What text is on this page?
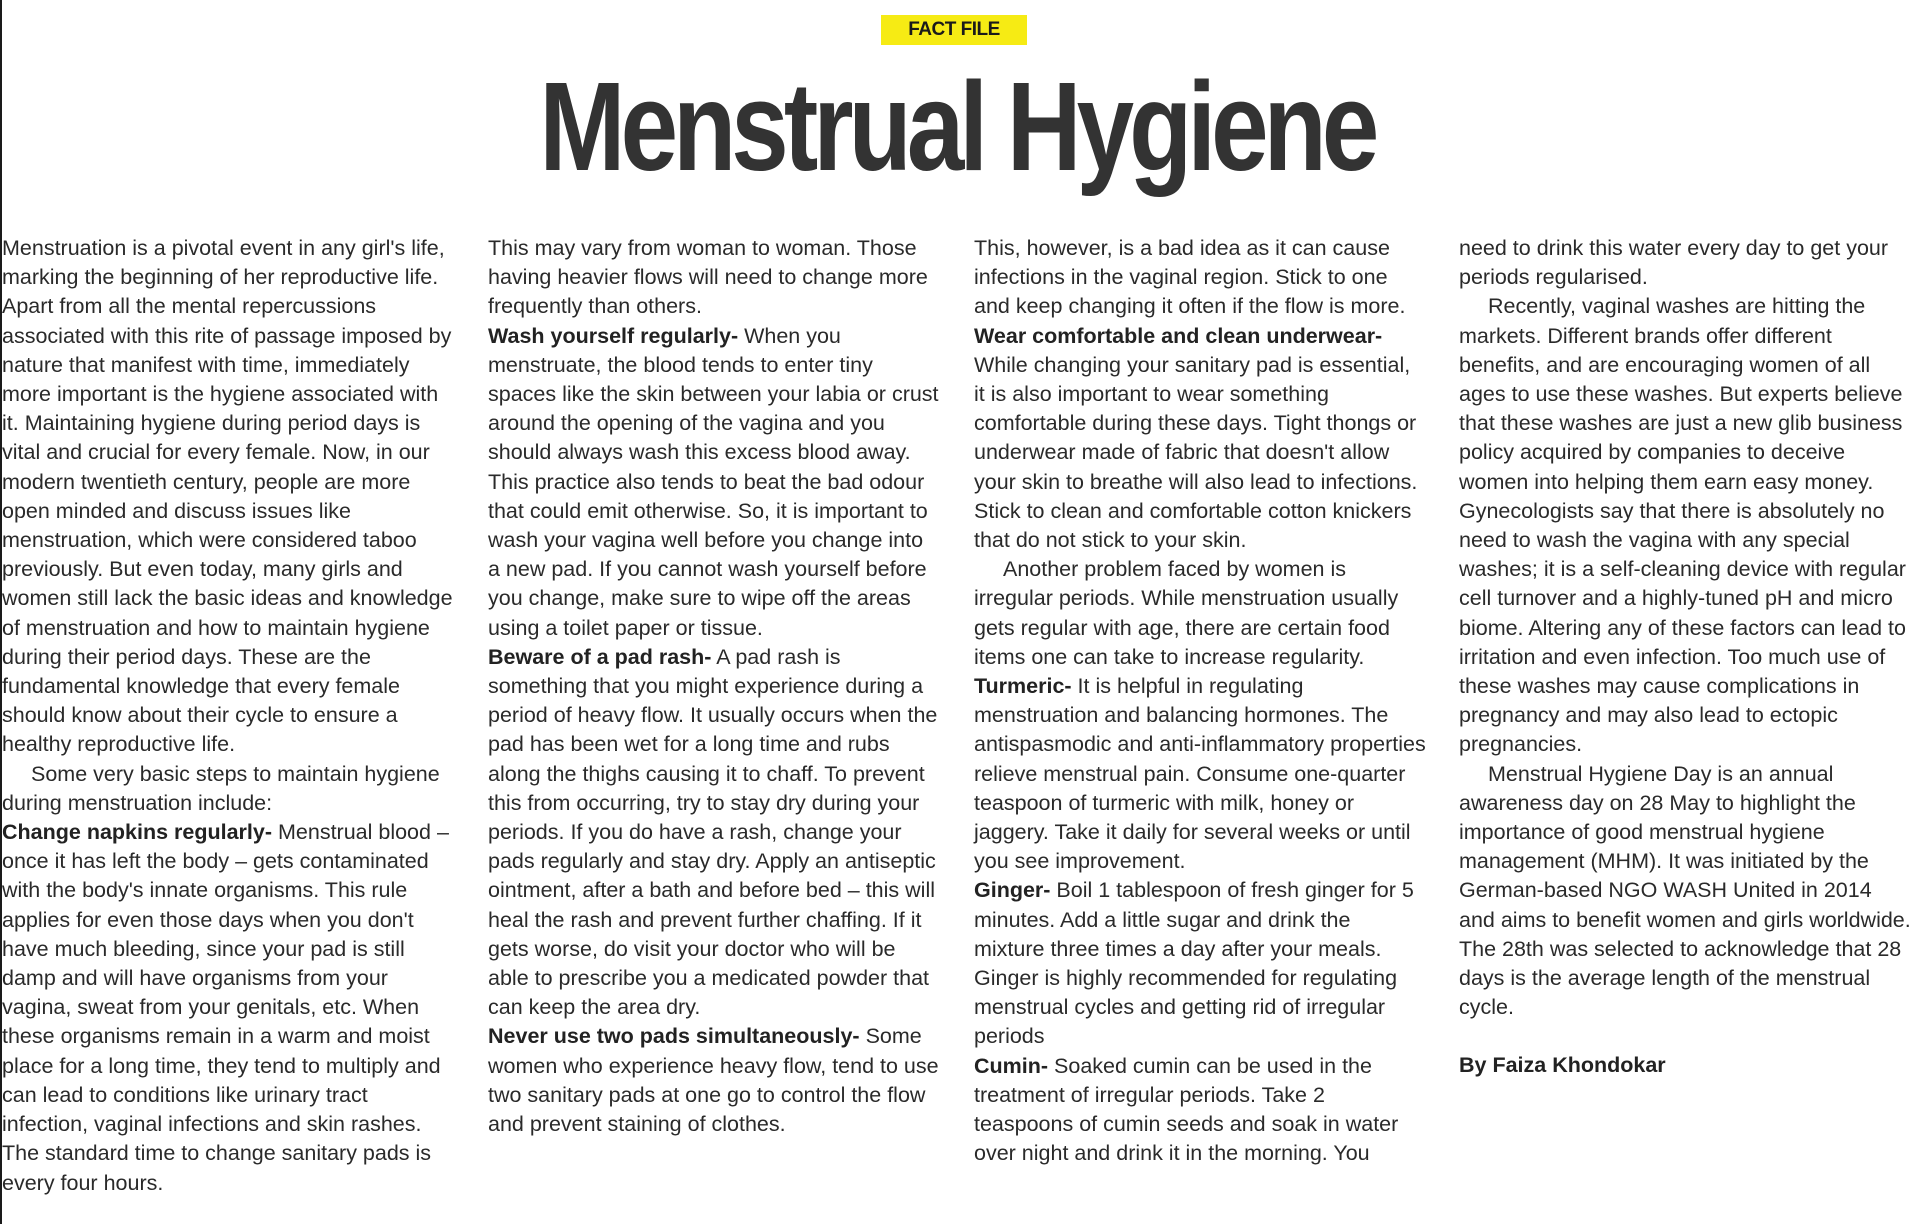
FACT FILE
Menstrual Hygiene

Menstruation is a pivotal event in any girl's life, marking the beginning of her reproductive life. Apart from all the mental repercussions associated with this rite of passage imposed by nature that manifest with time, immediately more important is the hygiene associated with it. Maintaining hygiene during period days is vital and crucial for every female. Now, in our modern twentieth century, people are more open minded and discuss issues like menstruation, which were considered taboo previously. But even today, many girls and women still lack the basic ideas and knowledge of menstruation and how to maintain hygiene during their period days. These are the fundamental knowledge that every female should know about their cycle to ensure a healthy reproductive life.

Some very basic steps to maintain hygiene during menstruation include:

Change napkins regularly- Menstrual blood – once it has left the body – gets contaminated with the body's innate organisms. This rule applies for even those days when you don't have much bleeding, since your pad is still damp and will have organisms from your vagina, sweat from your genitals, etc. When these organisms remain in a warm and moist place for a long time, they tend to multiply and can lead to conditions like urinary tract infection, vaginal infections and skin rashes. The standard time to change sanitary pads is every four hours.

This may vary from woman to woman. Those having heavier flows will need to change more frequently than others.

Wash yourself regularly- When you menstruate, the blood tends to enter tiny spaces like the skin between your labia or crust around the opening of the vagina and you should always wash this excess blood away. This practice also tends to beat the bad odour that could emit otherwise. So, it is important to wash your vagina well before you change into a new pad. If you cannot wash yourself before you change, make sure to wipe off the areas using a toilet paper or tissue.

Beware of a pad rash- A pad rash is something that you might experience during a period of heavy flow. It usually occurs when the pad has been wet for a long time and rubs along the thighs causing it to chaff. To prevent this from occurring, try to stay dry during your periods. If you do have a rash, change your pads regularly and stay dry. Apply an antiseptic ointment, after a bath and before bed – this will heal the rash and prevent further chaffing. If it gets worse, do visit your doctor who will be able to prescribe you a medicated powder that can keep the area dry.

Never use two pads simultaneously- Some women who experience heavy flow, tend to use two sanitary pads at one go to control the flow and prevent staining of clothes.

This, however, is a bad idea as it can cause infections in the vaginal region. Stick to one and keep changing it often if the flow is more.

Wear comfortable and clean underwear- While changing your sanitary pad is essential, it is also important to wear something comfortable during these days. Tight thongs or underwear made of fabric that doesn't allow your skin to breathe will also lead to infections. Stick to clean and comfortable cotton knickers that do not stick to your skin.

Another problem faced by women is irregular periods. While menstruation usually gets regular with age, there are certain food items one can take to increase regularity.

Turmeric- It is helpful in regulating menstruation and balancing hormones. The antispasmodic and anti-inflammatory properties relieve menstrual pain. Consume one-quarter teaspoon of turmeric with milk, honey or jaggery. Take it daily for several weeks or until you see improvement.

Ginger- Boil 1 tablespoon of fresh ginger for 5 minutes. Add a little sugar and drink the mixture three times a day after your meals. Ginger is highly recommended for regulating menstrual cycles and getting rid of irregular periods

Cumin- Soaked cumin can be used in the treatment of irregular periods. Take 2 teaspoons of cumin seeds and soak in water over night and drink it in the morning. You

need to drink this water every day to get your periods regularised.

Recently, vaginal washes are hitting the markets. Different brands offer different benefits, and are encouraging women of all ages to use these washes. But experts believe that these washes are just a new glib business policy acquired by companies to deceive women into helping them earn easy money. Gynecologists say that there is absolutely no need to wash the vagina with any special washes; it is a self-cleaning device with regular cell turnover and a highly-tuned pH and micro biome. Altering any of these factors can lead to irritation and even infection. Too much use of these washes may cause complications in pregnancy and may also lead to ectopic pregnancies.

Menstrual Hygiene Day is an annual awareness day on 28 May to highlight the importance of good menstrual hygiene management (MHM). It was initiated by the German-based NGO WASH United in 2014 and aims to benefit women and girls worldwide. The 28th was selected to acknowledge that 28 days is the average length of the menstrual cycle.

By Faiza Khondokar
